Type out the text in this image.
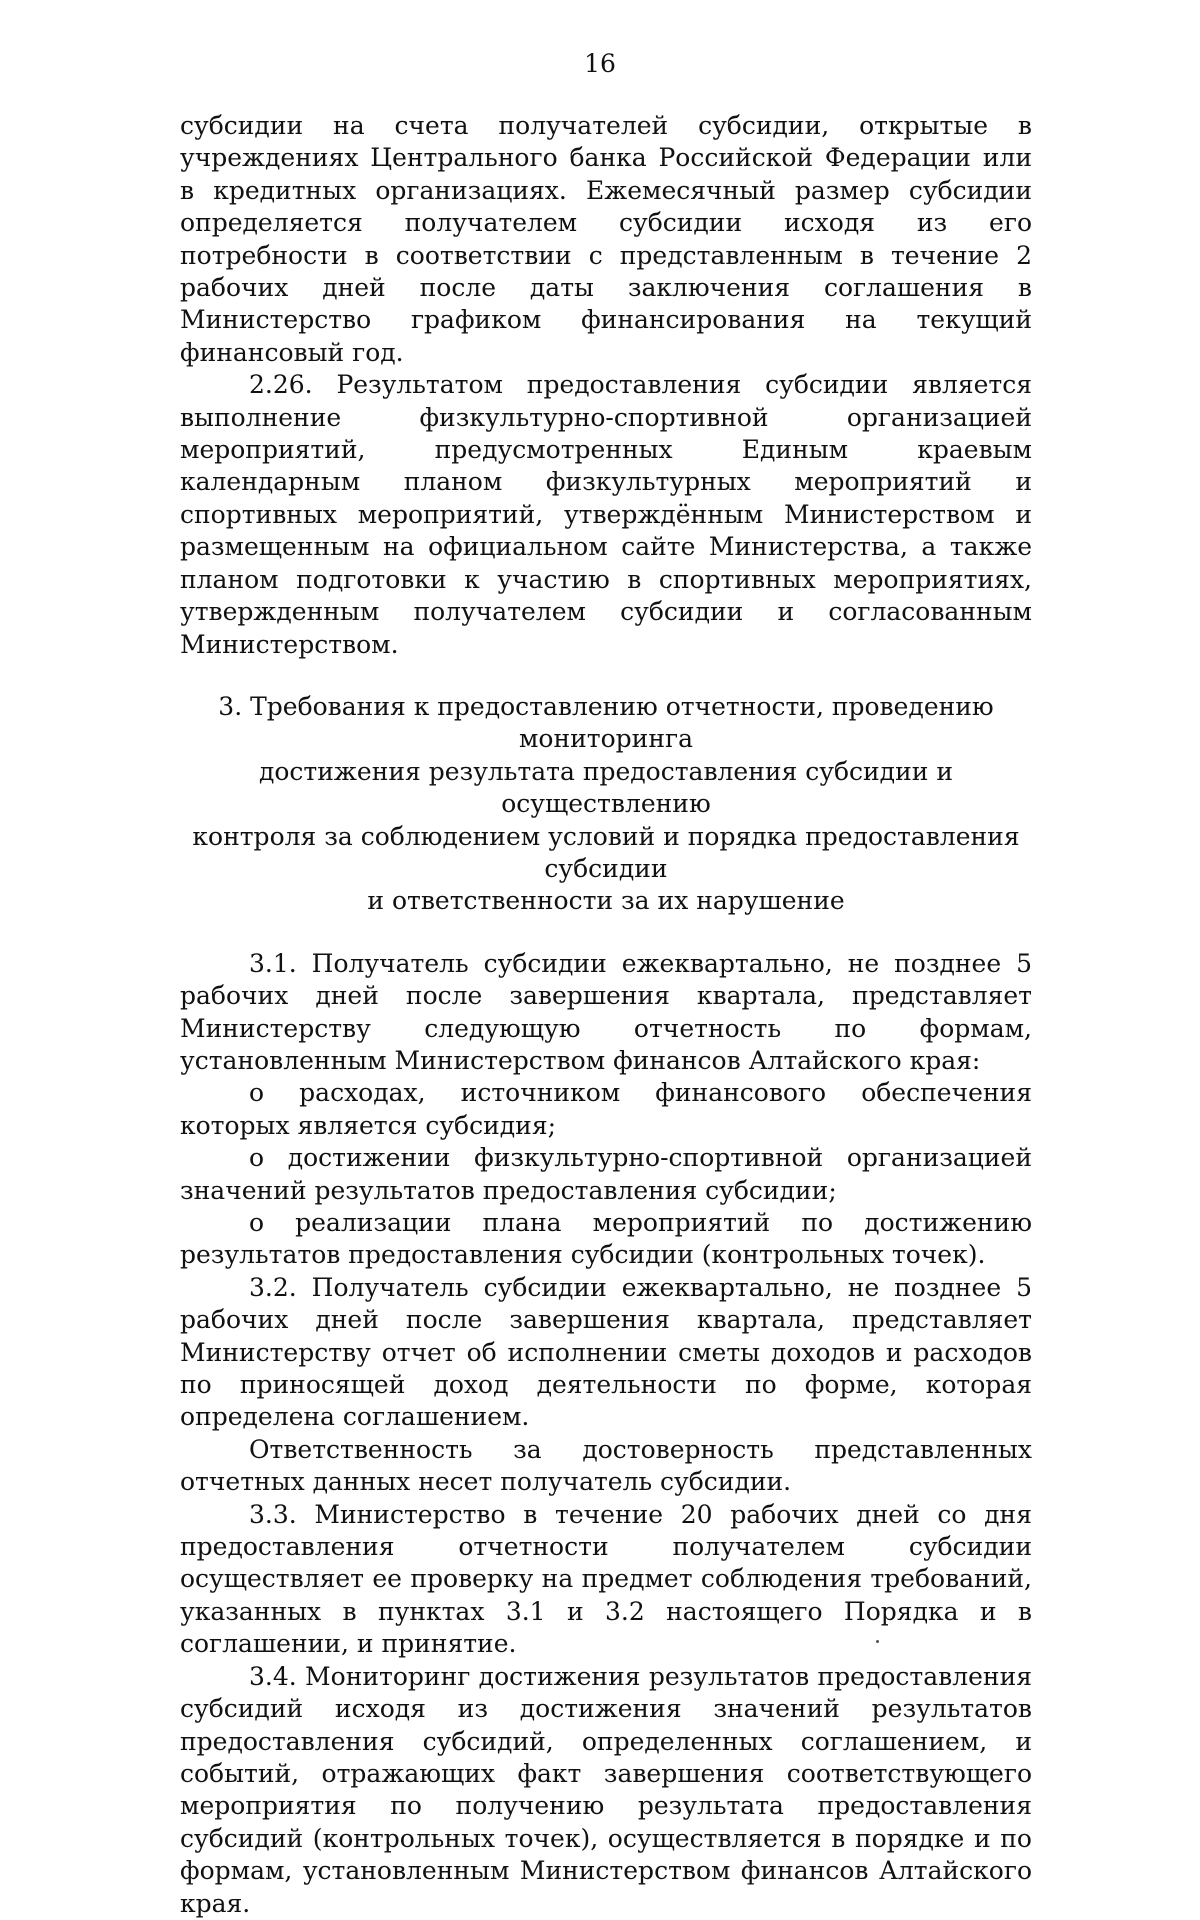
16

субсидии на счета получателей субсидии, открытые в учреждениях Центрального банка Российской Федерации или в кредитных организациях. Ежемесячный размер субсидии определяется получателем субсидии исходя из его потребности в соответствии с представленным в течение 2 рабочих дней после даты заключения соглашения в Министерство графиком финансирования на текущий финансовый год.

2.26. Результатом предоставления субсидии является выполнение физкультурно-спортивной организацией мероприятий, предусмотренных Единым краевым календарным планом физкультурных мероприятий и спортивных мероприятий, утверждённым Министерством и размещенным на официальном сайте Министерства, а также планом подготовки к участию в спортивных мероприятиях, утвержденным получателем субсидии и согласованным Министерством.

3. Требования к предоставлению отчетности, проведению мониторинга
достижения результата предоставления субсидии и осуществлению
контроля за соблюдением условий и порядка предоставления субсидии
и ответственности за их нарушение

3.1. Получатель субсидии ежеквартально, не позднее 5 рабочих дней после завершения квартала, представляет Министерству следующую отчетность по формам, установленным Министерством финансов Алтайского края:

о расходах, источником финансового обеспечения которых является субсидия;

о достижении физкультурно-спортивной организацией значений результатов предоставления субсидии;

о реализации плана мероприятий по достижению результатов предоставления субсидии (контрольных точек).

3.2. Получатель субсидии ежеквартально, не позднее 5 рабочих дней после завершения квартала, представляет Министерству отчет об исполнении сметы доходов и расходов по приносящей доход деятельности по форме, которая определена соглашением.

Ответственность за достоверность представленных отчетных данных несет получатель субсидии.

3.3. Министерство в течение 20 рабочих дней со дня предоставления отчетности получателем субсидии осуществляет ее проверку на предмет соблюдения требований, указанных в пунктах 3.1 и 3.2 настоящего Порядка и в соглашении, и принятие.

3.4. Мониторинг достижения результатов предоставления субсидий исходя из достижения значений результатов предоставления субсидий, определенных соглашением, и событий, отражающих факт завершения соответствующего мероприятия по получению результата предоставления субсидий (контрольных точек), осуществляется в порядке и по формам, установленным Министерством финансов Алтайского края.
